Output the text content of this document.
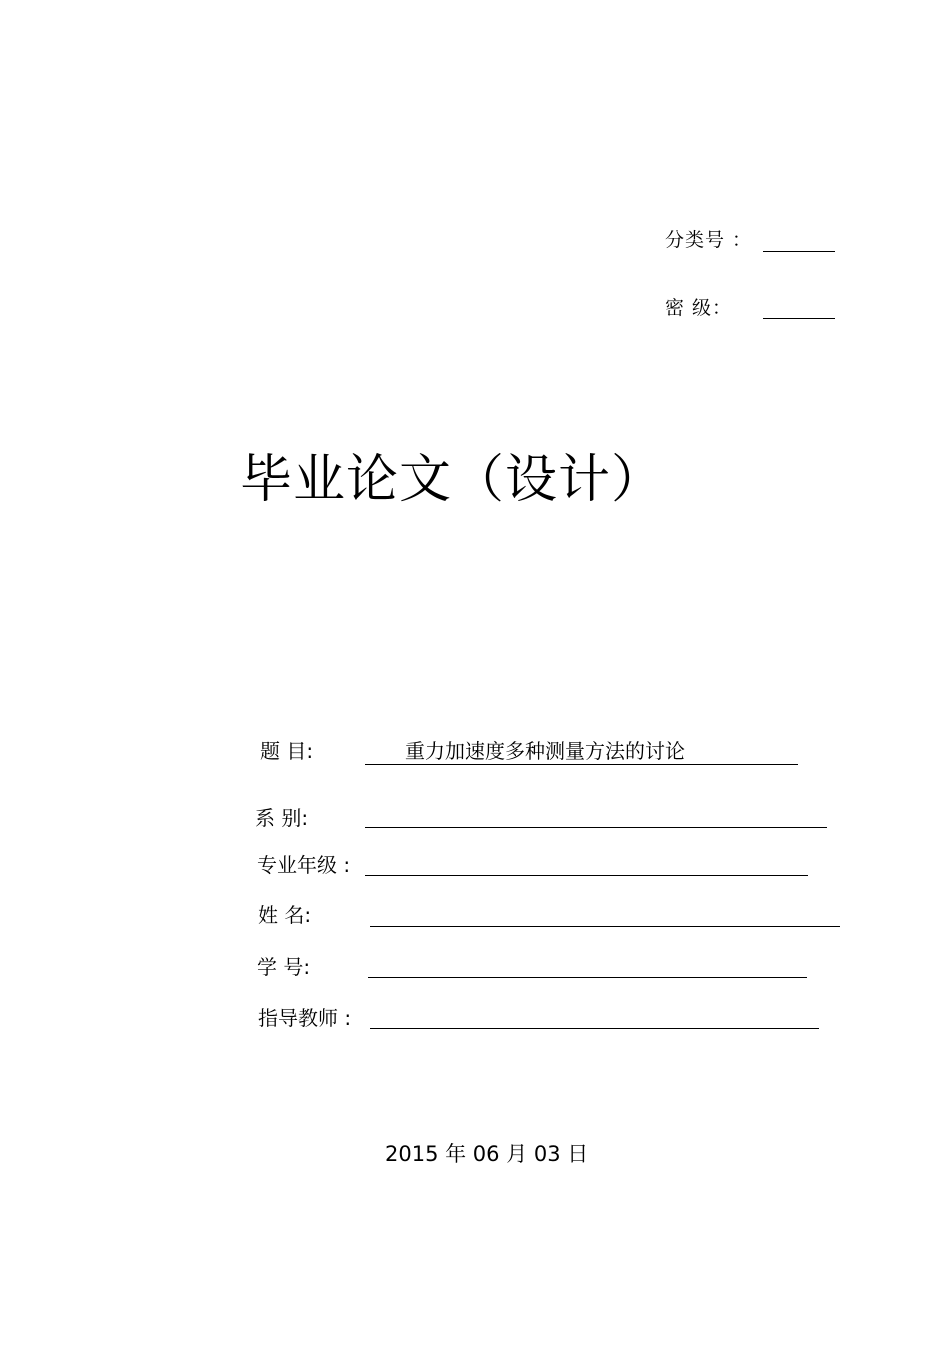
分类号 ：
密 级：
毕业论文（设计）
题 目:	重力加速度多种测量方法的讨论
系 别:
专业年级 :
姓 名:
学 号:
指导教师 :
2015 年 06 月 03 日
